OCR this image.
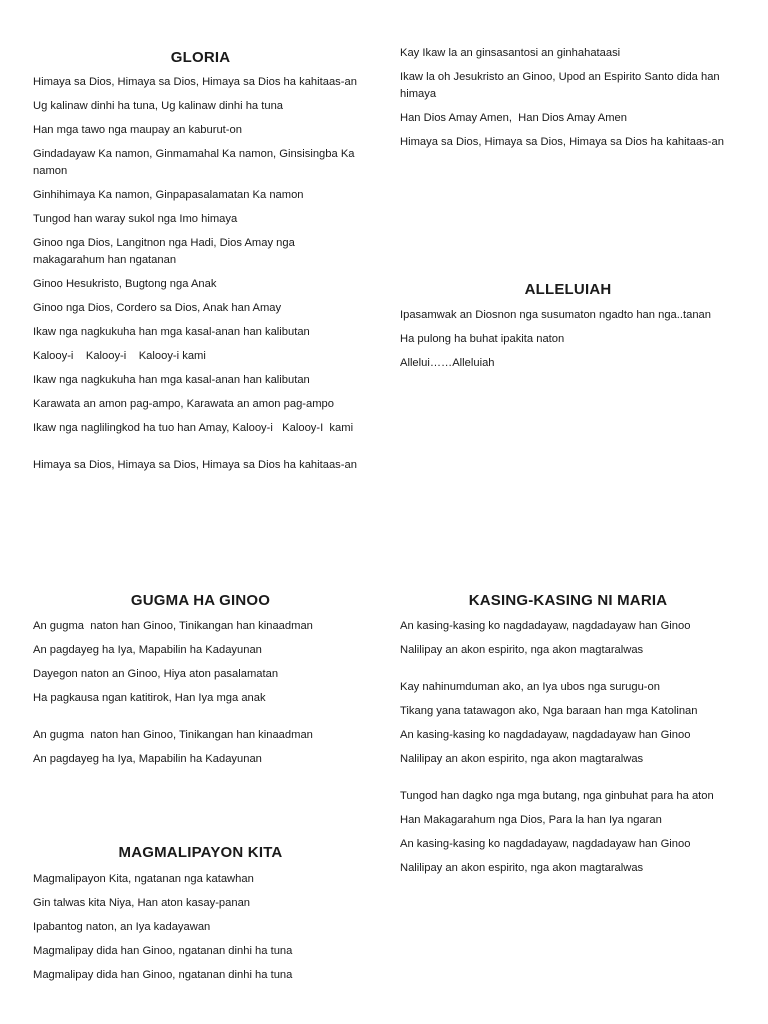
GLORIA
Himaya sa Dios, Himaya sa Dios, Himaya sa Dios ha kahitaas-an
Ug kalinaw dinhi ha tuna, Ug kalinaw dinhi ha tuna
Han mga tawo nga maupay an kaburut-on
Gindadayaw Ka namon, Ginmamahal Ka namon, Ginsisingba Ka namon
Ginhihimaya Ka namon, Ginpapasalamatan Ka namon
Tungod han waray sukol nga Imo himaya
Ginoo nga Dios, Langitnon nga Hadi, Dios Amay nga makagarahum han ngatanan
Ginoo Hesukristo, Bugtong nga Anak
Ginoo nga Dios, Cordero sa Dios, Anak han Amay
Ikaw nga nagkukuha han mga kasal-anan han kalibutan
Kalooy-i    Kalooy-i    Kalooy-i kami
Ikaw nga nagkukuha han mga kasal-anan han kalibutan
Karawata an amon pag-ampo, Karawata an amon pag-ampo
Ikaw nga naglilingkod ha tuo han Amay, Kalooy-i   Kalooy-I  kami
Himaya sa Dios, Himaya sa Dios, Himaya sa Dios ha kahitaas-an
Kay Ikaw la an ginsasantosi an ginhahataasi
Ikaw la oh Jesukristo an Ginoo, Upod an Espirito Santo dida han himaya
Han Dios Amay Amen,  Han Dios Amay Amen
Himaya sa Dios, Himaya sa Dios, Himaya sa Dios ha kahitaas-an
ALLELUIAH
Ipasamwak an Diosnon nga susumaton ngadto han nga..tanan
Ha pulong ha buhat ipakita naton
Allelui……Alleluiah
GUGMA HA GINOO
An gugma  naton han Ginoo, Tinikangan han kinaadman
An pagdayeg ha Iya, Mapabilin ha Kadayunan
Dayegon naton an Ginoo, Hiya aton pasalamatan
Ha pagkausa ngan katitirok, Han Iya mga anak
An gugma  naton han Ginoo, Tinikangan han kinaadman
An pagdayeg ha Iya, Mapabilin ha Kadayunan
KASING-KASING NI MARIA
An kasing-kasing ko nagdadayaw, nagdadayaw han Ginoo
Nalilipay an akon espirito, nga akon magtaralwas
Kay nahinumduman ako, an Iya ubos nga surugu-on
Tikang yana tatawagon ako, Nga baraan han mga Katolinan
An kasing-kasing ko nagdadayaw, nagdadayaw han Ginoo
Nalilipay an akon espirito, nga akon magtaralwas
Tungod han dagko nga mga butang, nga ginbuhat para ha aton
Han Makagarahum nga Dios, Para la han Iya ngaran
An kasing-kasing ko nagdadayaw, nagdadayaw han Ginoo
Nalilipay an akon espirito, nga akon magtaralwas
MAGMALIPAYON KITA
Magmalipayon Kita, ngatanan nga katawhan
Gin talwas kita Niya, Han aton kasay-panan
Ipabantog naton, an Iya kadayawan
Magmalipay dida han Ginoo, ngatanan dinhi ha tuna
Magmalipay dida han Ginoo, ngatanan dinhi ha tuna
